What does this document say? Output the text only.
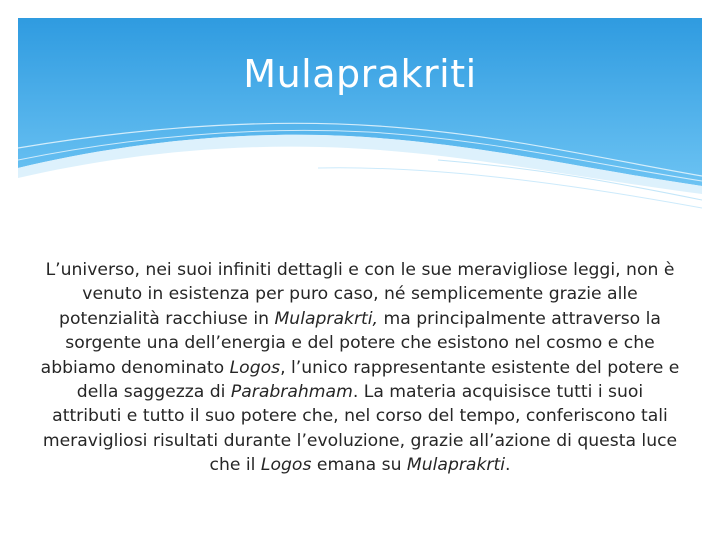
Mulaprakriti

L’universo, nei suoi infiniti dettagli e con le sue meravigliose leggi, non è venuto in esistenza per puro caso, né semplicemente grazie alle potenzialità racchiuse in Mulaprakrti, ma principalmente attraverso la sorgente una dell’energia e del potere che esistono nel cosmo e che abbiamo denominato Logos, l’unico rappresentante esistente del potere e della saggezza di Parabrahmam. La materia acquisisce tutti i suoi attributi e tutto il suo potere che, nel corso del tempo, conferiscono tali meravigliosi risultati durante l’evoluzione, grazie all’azione di questa luce che il Logos emana su Mulaprakrti.
